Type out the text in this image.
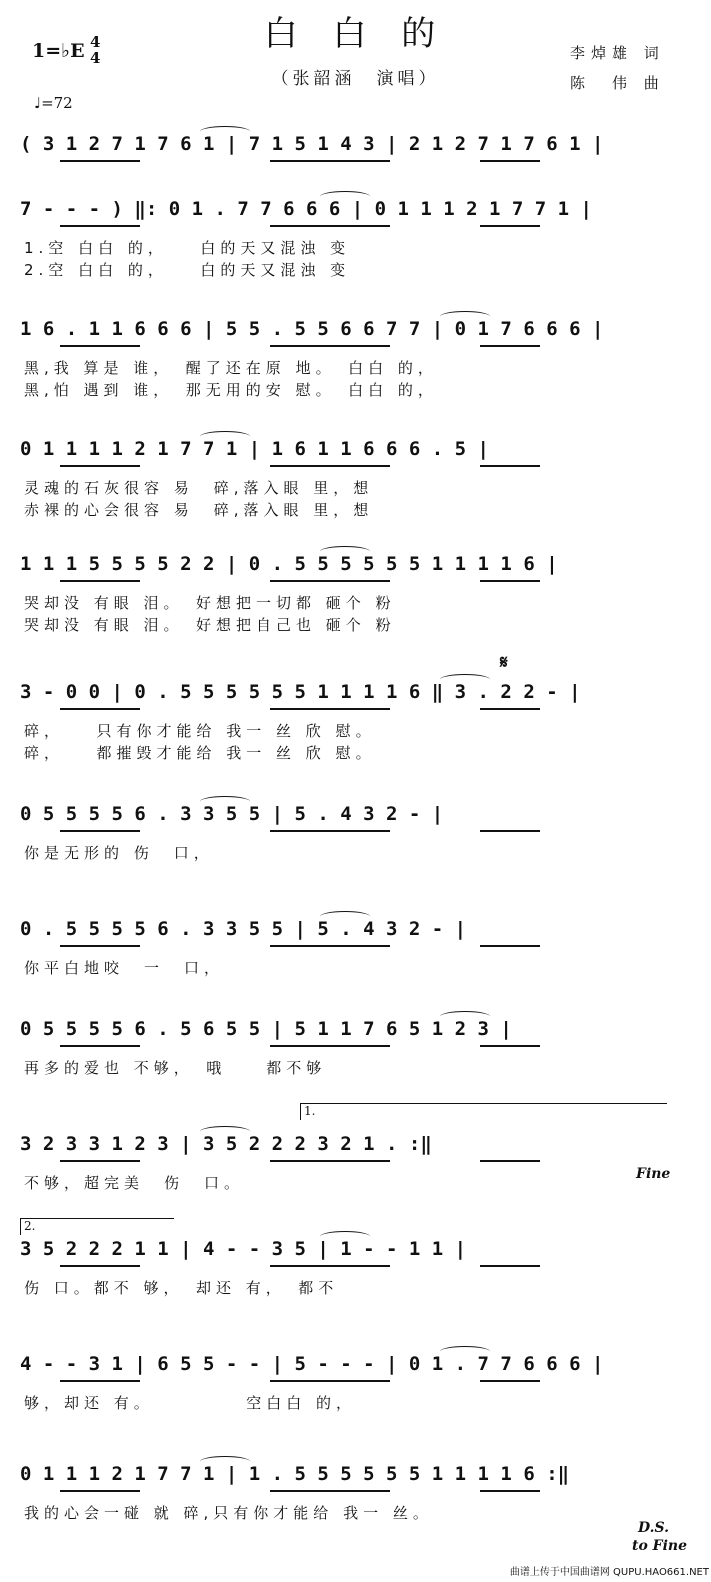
白 白 的
（张韶涵　演唱）
1=♭E 4
4
♩=72
李焯雄 词
陈　伟 曲
( 3 1 2 7 1 7 6 1 | 7 1 5 1 4 3 | 2 1 2 7 1 7 6 1 |
7 - - - ) ‖: 0 1 . 7 7 6 6 6 | 0 1 1 1 2 1 7 7 1 |
1.空 白白 的，　　白的天又混浊 变
2.空 白白 的，　　白的天又混浊 变
1 6 . 1 1 6 6 6 | 5 5 . 5 5 6 6 7 7 | 0 1 7 6 6 6 |
黑,我 算是 谁，　醒了还在原 地。　白白 的，
黑,怕 遇到 谁，　那无用的安 慰。　白白 的，
0 1 1 1 1 2 1 7 7 1 | 1 6 1 1 6 6 6 . 5 |
灵魂的石灰很容 易　碎,落入眼 里，想
赤裸的心会很容 易　碎,落入眼 里，想
1 1 1 5 5 5 5 2 2 | 0 . 5 5 5 5 5 5 1 1 1 1 6 |
哭却没 有眼 泪。　好想把一切都 砸个 粉
哭却没 有眼 泪。　好想把自己也 砸个 粉
3 - 0 0 | 0 . 5 5 5 5 5 5 1 1 1 1 6 ‖ 3 . 2 2 - |
碎，　　只有你才能给 我一 丝 欣 慰。
碎，　　都摧毁才能给 我一 丝 欣 慰。
0 5 5 5 5 6 . 3 3 5 5 | 5 . 4 3 2 - |
你是无形的 伤　口，
0 . 5 5 5 5 6 . 3 3 5 5 | 5 . 4 3 2 - |
你平白地咬　一　口，
0 5 5 5 5 6 . 5 6 5 5 | 5 1 1 7 6 5 1 2 3 |
再多的爱也 不够，　哦　　都不够
3 2 3 3 1 2 3 | 3 5 2 2 2 3 2 1 . :‖
不够，超完美　伤　口。
3 5 2 2 2 1 1 | 4 - - 3 5 | 1 - - 1 1 |
伤 口。都不 够，　却还 有，　都不
4 - - 3 1 | 6 5 5 - - | 5 - - - | 0 1 . 7 7 6 6 6 |
够，却还 有。　　　　　空白白 的，
0 1 1 1 2 1 7 7 1 | 1 . 5 5 5 5 5 5 1 1 1 1 6 :‖
我的心会一碰 就 碎,只有你才能给 我一 丝。
𝄋
1.
2.
Fine
D.S.
to Fine
曲谱上传于中国曲谱网 QUPU.HAO661.NET
